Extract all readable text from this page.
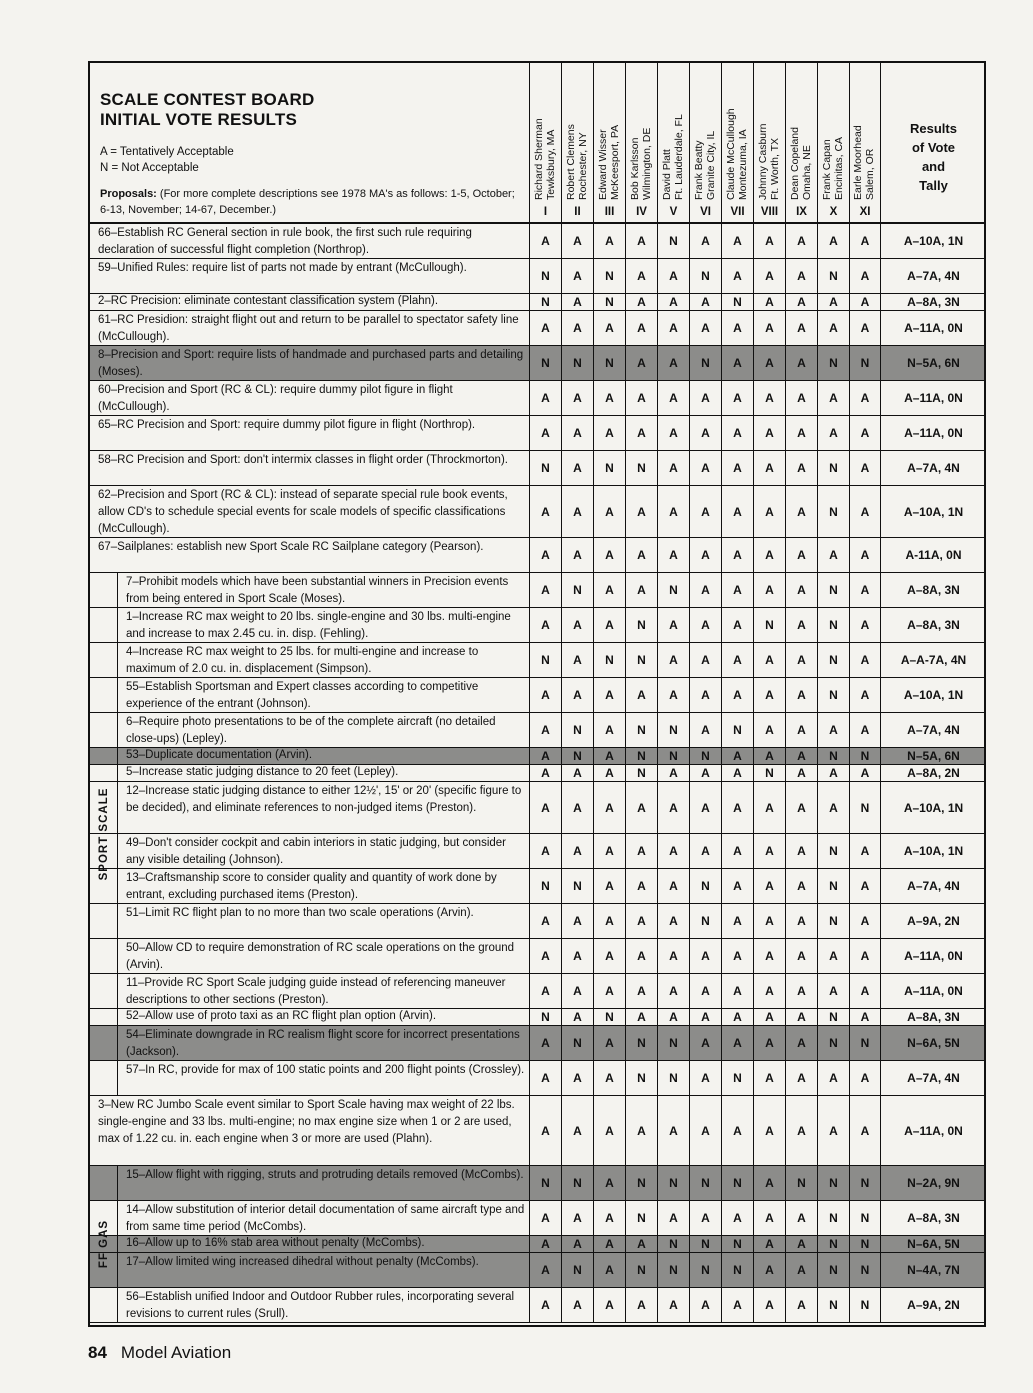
SCALE CONTEST BOARD
INITIAL VOTE RESULTS
A = Tentatively Acceptable
N = Not Acceptable
Proposals: (For more complete descriptions see 1978 MA's as follows: 1-5, October; 6-13, November; 14-67, December.)
Richard Sherman Tewksbury, MA
I
Robert Clemens Rochester, NY
II
Edward Wisser McKeesport, PA
III
Bob Karlsson Wilmington, DE
IV
David Platt Ft. Lauderdale, FL
V
Frank Beatty Granite City, IL
VI
Claude McCullough Montezuma, IA
VII
Johnny Casburn Ft. Worth, TX
VIII
Dean Copeland Omaha, NE
IX
Frank Capan Encinitas, CA
X
Earle Moorhead Salem, OR
XI
Results
of Vote
and
Tally
66–Establish RC General section in rule book, the first such rule requiring declaration of successful flight completion (Northrop).
A	A	A	A	N	A	A	A	A	A	A	A–10A, 1N
59–Unified Rules: require list of parts not made by entrant (McCullough).
N	A	N	A	A	N	A	A	A	N	A	A–7A, 4N
2–RC Precision: eliminate contestant classification system (Plahn).	N	A	N	A	A	A	N	A	A	A	A	A–8A, 3N
61–RC Presidion: straight flight out and return to be parallel to spectator safety line (McCullough).
A	A	A	A	A	A	A	A	A	A	A	A–11A, 0N
8–Precision and Sport: require lists of handmade and purchased parts and detailing (Moses).
N	N	N	A	A	N	A	A	A	N	N	N–5A, 6N
60–Precision and Sport (RC & CL): require dummy pilot figure in flight (McCullough).
A	A	A	A	A	A	A	A	A	A	A	A–11A, 0N
65–RC Precision and Sport: require dummy pilot figure in flight (Northrop).
A	A	A	A	A	A	A	A	A	A	A	A–11A, 0N
58–RC Precision and Sport: don't intermix classes in flight order (Throckmorton).
N	A	N	N	A	A	A	A	A	N	A	A–7A, 4N
62–Precision and Sport (RC & CL): instead of separate special rule book events, allow CD's to schedule special events for scale models of specific classifications (McCullough).
A	A	A	A	A	A	A	A	A	N	A	A–10A, 1N
67–Sailplanes: establish new Sport Scale RC Sailplane category (Pearson).
A	A	A	A	A	A	A	A	A	A	A	A-11A, 0N
7–Prohibit models which have been substantial winners in Precision events from being entered in Sport Scale (Moses).
A	N	A	A	N	A	A	A	A	N	A	A–8A, 3N
1–Increase RC max weight to 20 lbs. single-engine and 30 lbs. multi-engine and increase to max 2.45 cu. in. disp. (Fehling).
A	A	A	N	A	A	A	N	A	N	A	A–8A, 3N
4–Increase RC max weight to 25 lbs. for multi-engine and increase to maximum of 2.0 cu. in. displacement (Simpson).
N	A	N	N	A	A	A	A	A	N	A	A–A-7A, 4N
55–Establish Sportsman and Expert classes according to competitive experience of the entrant (Johnson).
A	A	A	A	A	A	A	A	A	N	A	A–10A, 1N
6–Require photo presentations to be of the complete aircraft (no detailed close-ups) (Lepley).
A	N	A	N	N	A	N	A	A	A	A	A–7A, 4N
53–Duplicate documentation (Arvin).	A	N	A	N	N	N	A	A	A	N	N	N–5A, 6N
5–Increase static judging distance to 20 feet (Lepley).	A	A	A	N	A	A	A	N	A	A	A	A–8A, 2N
12–Increase static judging distance to either 12½', 15' or 20' (specific figure to be decided), and eliminate references to non-judged items (Preston).	A	A	A	A	A	A	A	A	A	A	N	A–10A, 1N
49–Don't consider cockpit and cabin interiors in static judging, but consider any visible detailing (Johnson).
A	A	A	A	A	A	A	A	A	N	A	A–10A, 1N
13–Craftsmanship score to consider quality and quantity of work done by entrant, excluding purchased items (Preston).
N	N	A	A	A	N	A	A	A	N	A	A–7A, 4N
51–Limit RC flight plan to no more than two scale operations (Arvin).
A	A	A	A	A	N	A	A	A	N	A	A–9A, 2N
50–Allow CD to require demonstration of RC scale operations on the ground (Arvin).
A	A	A	A	A	A	A	A	A	A	A	A–11A, 0N
11–Provide RC Sport Scale judging guide instead of referencing maneuver descriptions to other sections (Preston).
A	A	A	A	A	A	A	A	A	A	A	A–11A, 0N
52–Allow use of proto taxi as an RC flight plan option (Arvin).	N	A	N	A	A	A	A	A	A	N	A	A–8A, 3N
54–Eliminate downgrade in RC realism flight score for incorrect presentations (Jackson).
A	N	A	N	N	A	A	A	A	N	N	N–6A, 5N
57–In RC, provide for max of 100 static points and 200 flight points (Crossley).
A	A	A	N	N	A	N	A	A	A	A	A–7A, 4N
3–New RC Jumbo Scale event similar to Sport Scale having max weight of 22 lbs. single-engine and 33 lbs. multi-engine; no max engine size when 1 or 2 are used, max of 1.22 cu. in. each engine when 3 or more are used (Plahn).
A	A	A	A	A	A	A	A	A	A	A	A–11A, 0N
15–Allow flight with rigging, struts and protruding details removed (McCombs).
N	N	A	N	N	N	N	A	N	N	N	N–2A, 9N
14–Allow substitution of interior detail documentation of same aircraft type and from same time period (McCombs).
A	A	A	N	A	A	A	A	A	N	N	A–8A, 3N
16–Allow up to 16% stab area without penalty (McCombs).	A	A	A	A	N	N	N	A	A	N	N	N–6A, 5N
17–Allow limited wing increased dihedral without penalty (McCombs).
A	N	A	N	N	N	N	A	A	N	N	N–4A, 7N
56–Establish unified Indoor and Outdoor Rubber rules, incorporating several revisions to current rules (Srull).
A	A	A	A	A	A	A	A	A	N	N	A–9A, 2N
SPORT SCALE
FF GAS
84 Model Aviation
